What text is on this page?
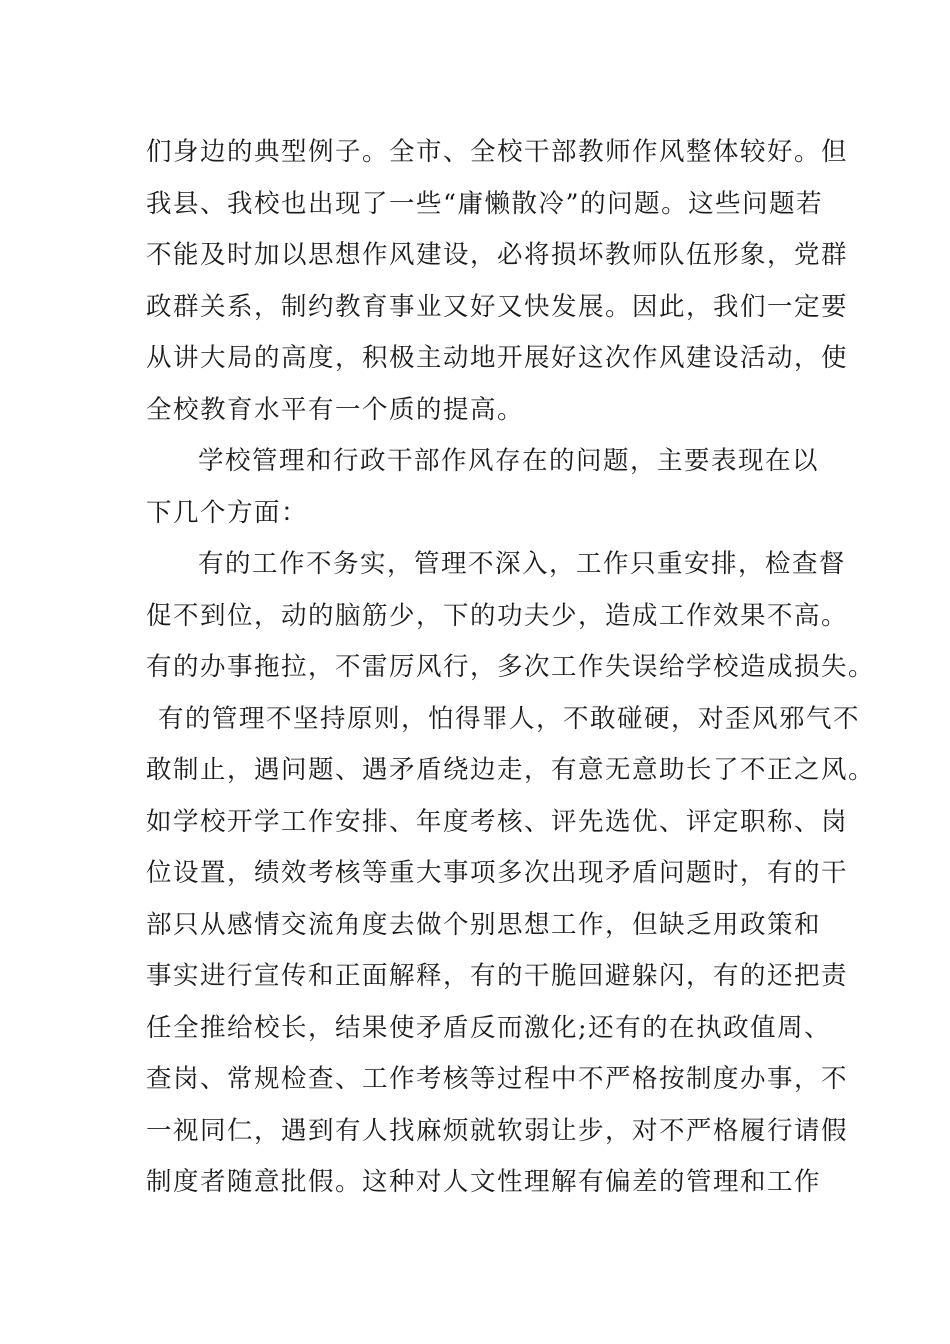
们身边的典型例子。全市、全校干部教师作风整体较好。但
我县、我校也出现了一些“庸懒散冷”的问题。这些问题若
不能及时加以思想作风建设，必将损坏教师队伍形象，党群
政群关系，制约教育事业又好又快发展。因此，我们一定要
从讲大局的高度，积极主动地开展好这次作风建设活动，使
全校教育水平有一个质的提高。
学校管理和行政干部作风存在的问题，主要表现在以
下几个方面：
有的工作不务实，管理不深入，工作只重安排，检查督
促不到位，动的脑筋少，下的功夫少，造成工作效果不高。
有的办事拖拉，不雷厉风行，多次工作失误给学校造成损失。
有的管理不坚持原则，怕得罪人，不敢碰硬，对歪风邪气不
敢制止，遇问题、遇矛盾绕边走，有意无意助长了不正之风。
如学校开学工作安排、年度考核、评先选优、评定职称、岗
位设置，绩效考核等重大事项多次出现矛盾问题时，有的干
部只从感情交流角度去做个别思想工作，但缺乏用政策和
事实进行宣传和正面解释，有的干脆回避躲闪，有的还把责
任全推给校长，结果使矛盾反而激化;还有的在执政值周、
查岗、常规检查、工作考核等过程中不严格按制度办事，不
一视同仁，遇到有人找麻烦就软弱让步，对不严格履行请假
制度者随意批假。这种对人文性理解有偏差的管理和工作
